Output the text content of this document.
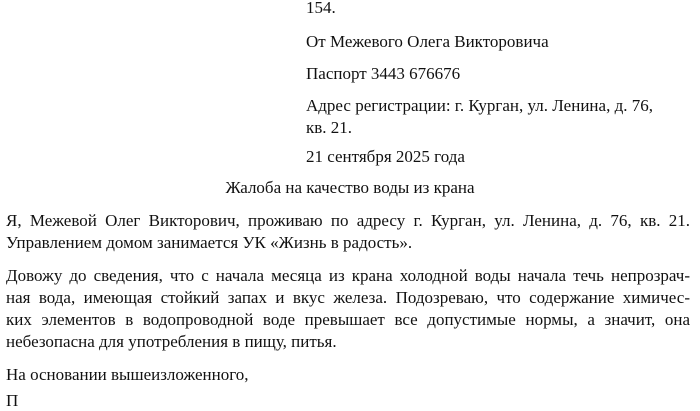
154.
От Межевого Олега Викторовича
Паспорт 3443 676676
Адрес регистрации: г. Курган, ул. Ленина, д. 76,
кв. 21.
21 сентября 2025 года
Жалоба на качество воды из крана
Я, Межевой Олег Викторович, проживаю по адресу г. Курган, ул. Ленина, д. 76, кв. 21.
Управлением домом занимается УК «Жизнь в радость».
Довожу до сведения, что с начала месяца из крана холодной воды начала течь непрозрач-
ная вода, имеющая стойкий запах и вкус железа. Подозреваю, что содержание химичес-
ких элементов в водопроводной воде превышает все допустимые нормы, а значит, она
небезопасна для употребления в пищу, питья.
На основании вышеизложенного,
П
